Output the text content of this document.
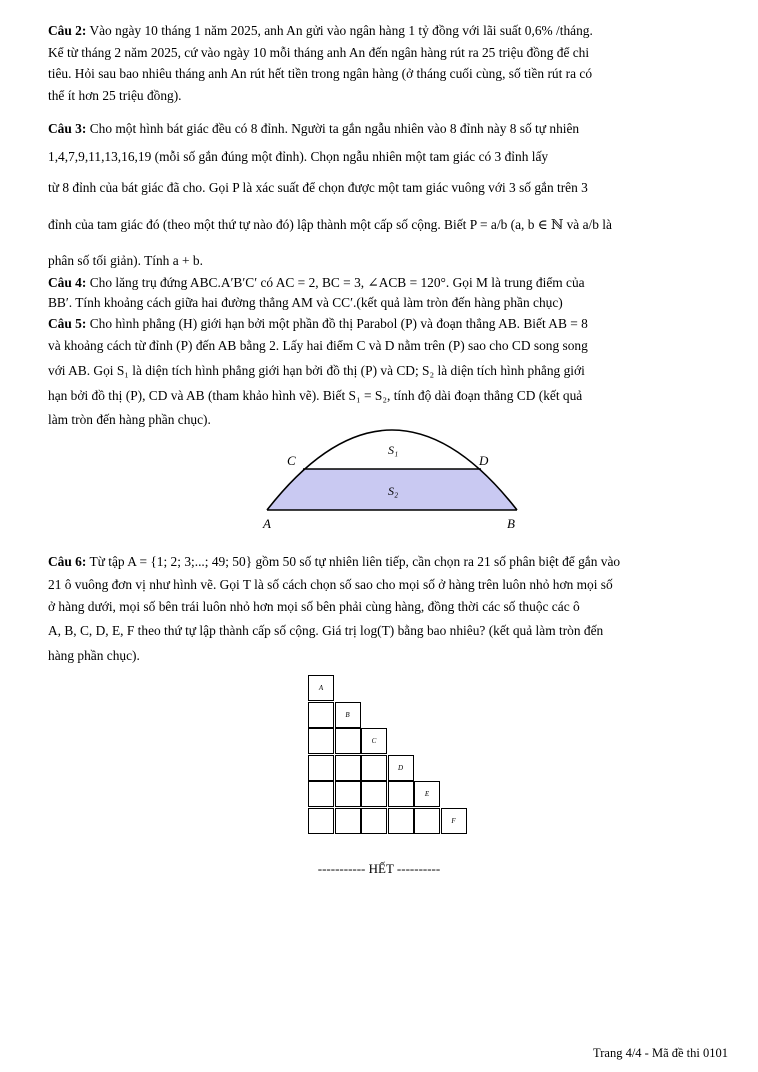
Câu 2: Vào ngày 10 tháng 1 năm 2025, anh An gửi vào ngân hàng 1 tỷ đồng với lãi suất 0,6% /tháng.

Kể từ tháng 2 năm 2025, cứ vào ngày 10 mỗi tháng anh An đến ngân hàng rút ra 25 triệu đồng để chi

tiêu. Hỏi sau bao nhiêu tháng anh An rút hết tiền trong ngân hàng (ở tháng cuối cùng, số tiền rút ra có

thể ít hơn 25 triệu đồng).

Câu 3: Cho một hình bát giác đều có 8 đỉnh. Người ta gắn ngẫu nhiên vào 8 đỉnh này 8 số tự nhiên

1,4,7,9,11,13,16,19 (mỗi số gắn đúng một đỉnh). Chọn ngẫu nhiên một tam giác có 3 đỉnh lấy

từ 8 đỉnh của bát giác đã cho. Gọi P là xác suất để chọn được một tam giác vuông với 3 số gắn trên 3

đỉnh của tam giác đó (theo một thứ tự nào đó) lập thành một cấp số cộng. Biết P = a/b (a, b ∈ ℕ và a/b là

phân số tối giản). Tính a + b.

Câu 4: Cho lăng trụ đứng ABC.A′B′C′ có AC = 2, BC = 3, ∠ACB = 120°. Gọi M là trung điểm của

BB′. Tính khoảng cách giữa hai đường thẳng AM và CC′.(kết quả làm tròn đến hàng phần chục)

Câu 5: Cho hình phẳng (H) giới hạn bởi một phần đồ thị Parabol (P) và đoạn thẳng AB. Biết AB = 8

và khoảng cách từ đỉnh (P) đến AB bằng 2. Lấy hai điểm C và D nằm trên (P) sao cho CD song song

với AB. Gọi S₁ là diện tích hình phẳng giới hạn bởi đồ thị (P) và CD; S₂ là diện tích hình phẳng giới

hạn bởi đồ thị (P), CD và AB (tham khảo hình vẽ). Biết S₁ = S₂, tính độ dài đoạn thẳng CD (kết quả

làm tròn đến hàng phần chục).

C	D
A	B
S₁
S₂

Câu 6: Từ tập A = {1; 2; 3;...; 49; 50} gồm 50 số tự nhiên liên tiếp, cần chọn ra 21 số phân biệt để gắn vào

21 ô vuông đơn vị như hình vẽ. Gọi T là số cách chọn số sao cho mọi số ở hàng trên luôn nhỏ hơn mọi số

ở hàng dưới, mọi số bên trái luôn nhỏ hơn mọi số bên phải cùng hàng, đồng thời các số thuộc các ô

A, B, C, D, E, F theo thứ tự lập thành cấp số cộng. Giá trị log(T) bằng bao nhiêu? (kết quả làm tròn đến

hàng phần chục).

A
B
C
D
E
F
----------- HẾT ----------
Trang 4/4 - Mã đề thi 0101
